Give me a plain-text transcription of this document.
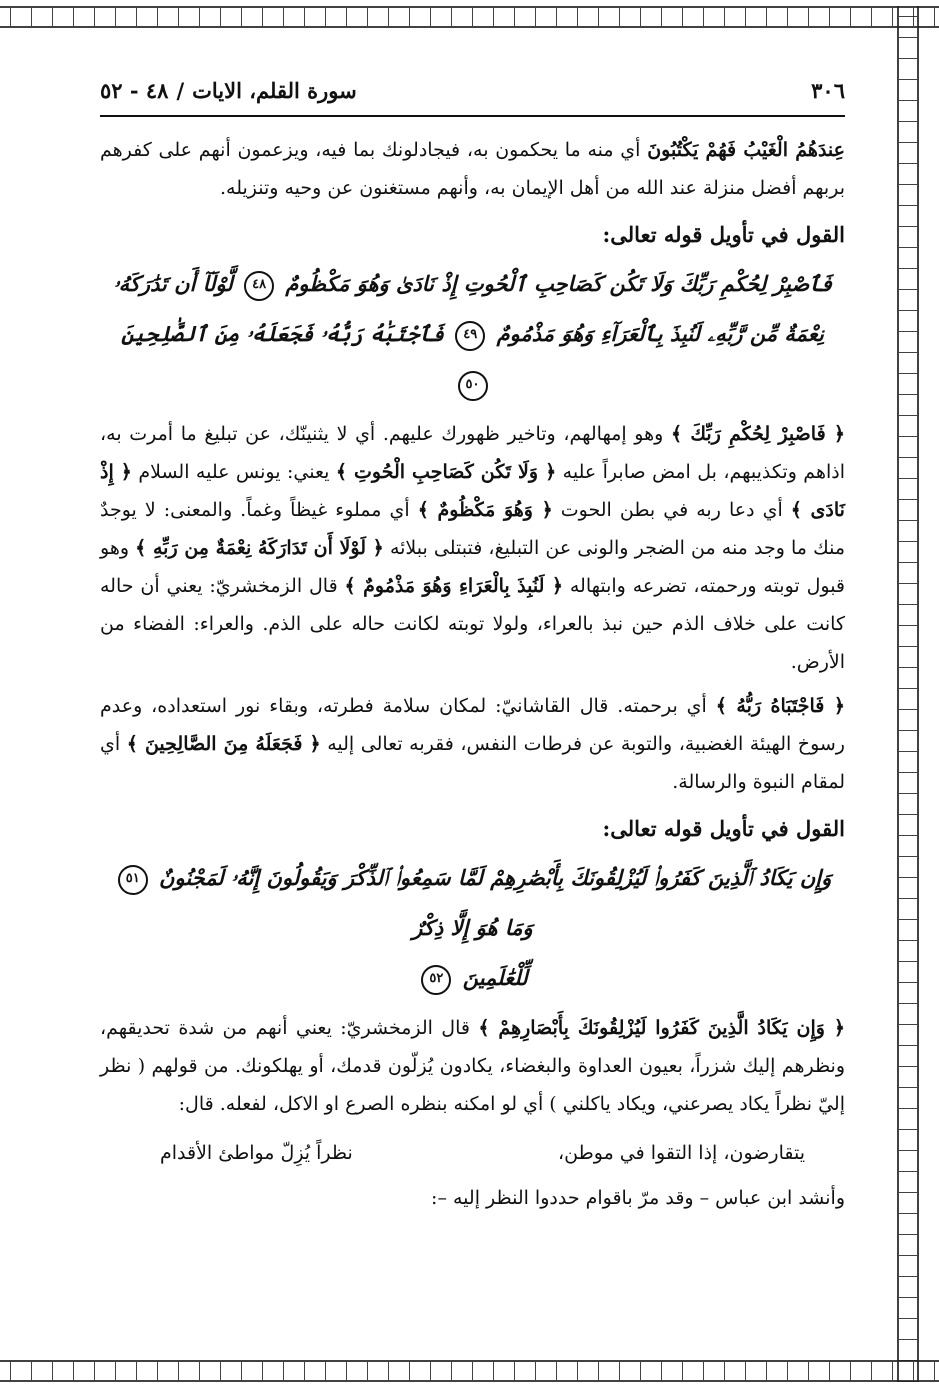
٣٠٦
سورة القلم، الايات/٤٨ - ٥٢

عِندَهُمُ الْغَيْبُ فَهُمْ يَكْتُبُونَ أي منه ما يحكمون به، فيجادلونك بما فيه، ويزعمون أنهم على كفرهم بربهم أفضل منزلة عند الله من أهل الإيمان به، وأنهم مستغنون عن وحيه وتنزيله.

القول في تأويل قوله تعالى:
فَٱصْبِرْ لِحُكْمِ رَبِّكَ وَلَا تَكُن كَصَاحِبِ ٱلْحُوتِ إِذْ نَادَىٰ وَهُوَ مَكْظُومٌ ٤٨ لَّوْلَآ أَن تَدَٰرَكَهُۥ نِعْمَةٌ مِّن رَّبِّهِۦ لَنُبِذَ بِٱلْعَرَآءِ وَهُوَ مَذْمُومٌ ٤٩ فَٱجْتَبَٰهُ رَبُّهُۥ فَجَعَلَهُۥ مِنَ ٱلصَّٰلِحِينَ ٥٠

﴿ فَاصْبِرْ لِحُكْمِ رَبِّكَ ﴾ وهو إمهالهم، وتاخير ظهورك عليهم. أي لا يثنينّك، عن تبليغ ما أمرت به، اذاهم وتكذيبهم، بل امض صابراً عليه ﴿ وَلَا تَكُن كَصَاحِبِ الْحُوتِ ﴾ يعني: يونس عليه السلام ﴿ إِذْ نَادَى ﴾ أي دعا ربه في بطن الحوت ﴿ وَهُوَ مَكْظُومٌ ﴾ أي مملوء غيظاً وغماً. والمعنى: لا يوجدٌ منك ما وجد منه من الضجر والونى عن التبليغ، فتبتلى ببلائه ﴿ لَوْلَا أَن تَدَارَكَهُ نِعْمَةٌ مِن رَبِّهِ ﴾ وهو قبول توبته ورحمته، تضرعه وابتهاله ﴿ لَنُبِذَ بِالْعَرَاءِ وَهُوَ مَذْمُومٌ ﴾ قال الزمخشريّ: يعني أن حاله كانت على خلاف الذم حين نبذ بالعراء، ولولا توبته لكانت حاله على الذم. والعراء: الفضاء من الأرض.

﴿ فَاجْتَبَاهُ رَبُّهُ ﴾ أي برحمته. قال القاشانيّ: لمكان سلامة فطرته، وبقاء نور استعداده، وعدم رسوخ الهيئة الغضبية، والتوبة عن فرطات النفس، فقربه تعالى إليه ﴿ فَجَعَلَهُ مِنَ الصَّالِحِينَ ﴾ أي لمقام النبوة والرسالة.

القول في تأويل قوله تعالى:
وَإِن يَكَادُ ٱلَّذِينَ كَفَرُوا۟ لَيُزْلِقُونَكَ بِأَبْصَٰرِهِمْ لَمَّا سَمِعُوا۟ ٱلذِّكْرَ وَيَقُولُونَ إِنَّهُۥ لَمَجْنُونٌ ٥١ وَمَا هُوَ إِلَّا ذِكْرٌ
لِّلْعَٰلَمِينَ ٥٢

﴿ وَإِن يَكَادُ الَّذِينَ كَفَرُوا لَيُزْلِقُونَكَ بِأَبْصَارِهِمْ ﴾ قال الزمخشريّ: يعني أنهم من شدة تحديقهم، ونظرهم إليك شزراً، بعيون العداوة والبغضاء، يكادون يُزلّون قدمك، أو يهلكونك. من قولهم ( نظر إليّ نظراً يكاد يصرعني، ويكاد ياكلني ) أي لو امكنه بنظره الصرع او الاكل، لفعله. قال:

يتقارضون، إذا التقوا في موطن،
نظراً يُزِلّ مواطئ الأقدام

وأنشد ابن عباس – وقد مرّ باقوام حددوا النظر إليه –:
